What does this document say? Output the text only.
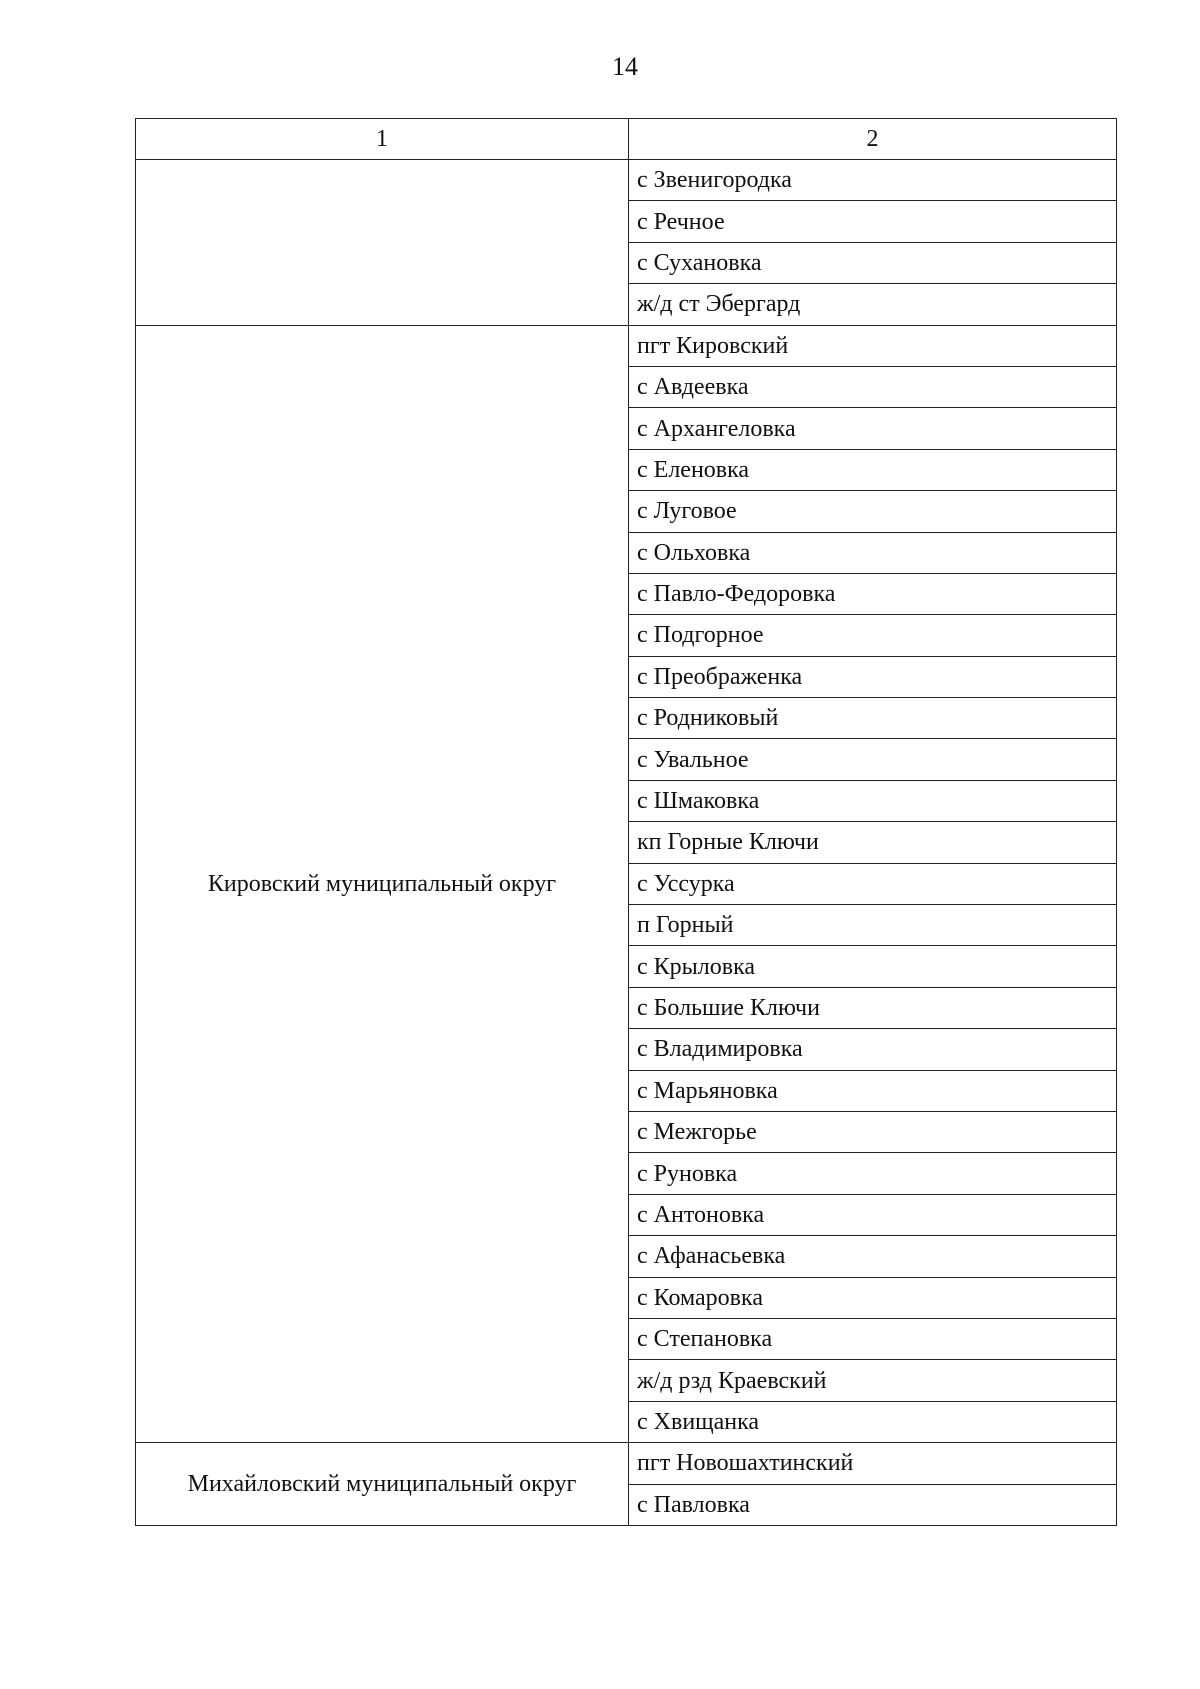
14
1	2
	с Звенигородка
	с Речное
	с Сухановка
	ж/д ст Эбергард
Кировский муниципальный округ	пгт Кировский
	с Авдеевка
	с Архангеловка
	с Еленовка
	с Луговое
	с Ольховка
	с Павло-Федоровка
	с Подгорное
	с Преображенка
	с Родниковый
	с Увальное
	с Шмаковка
	кп Горные Ключи
	с Уссурка
	п Горный
	с Крыловка
	с Большие Ключи
	с Владимировка
	с Марьяновка
	с Межгорье
	с Руновка
	с Антоновка
	с Афанасьевка
	с Комаровка
	с Степановка
	ж/д рзд Краевский
	с Хвищанка
Михайловский муниципальный округ	пгт Новошахтинский
	с Павловка
